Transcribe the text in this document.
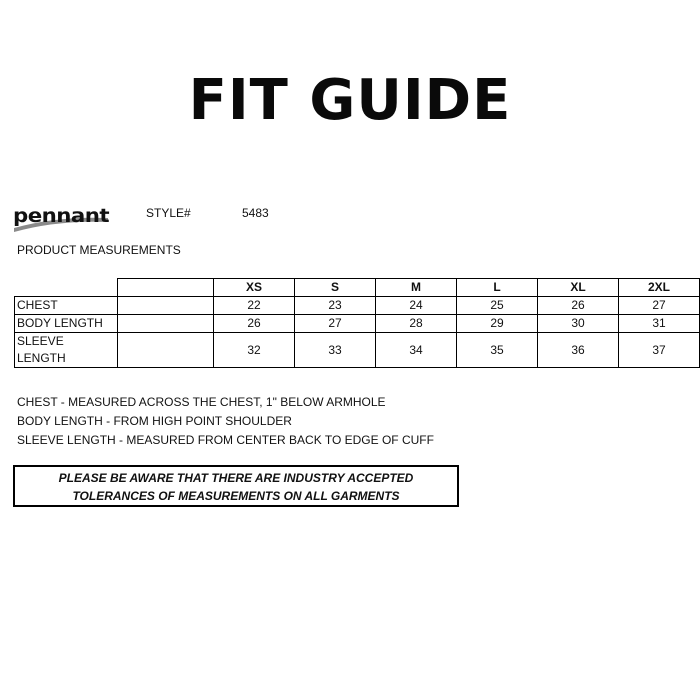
FIT GUIDE
pennant	STYLE#	5483
PRODUCT MEASUREMENTS
		XS	S	M	L	XL	2XL
CHEST		22	23	24	25	26	27
BODY LENGTH		26	27	28	29	30	31
SLEEVE LENGTH		32	33	34	35	36	37
CHEST - MEASURED ACROSS THE CHEST, 1" BELOW ARMHOLE
BODY LENGTH - FROM HIGH POINT SHOULDER
SLEEVE LENGTH - MEASURED FROM CENTER BACK TO EDGE OF CUFF
PLEASE BE AWARE THAT THERE ARE INDUSTRY ACCEPTED
TOLERANCES OF MEASUREMENTS ON ALL GARMENTS
